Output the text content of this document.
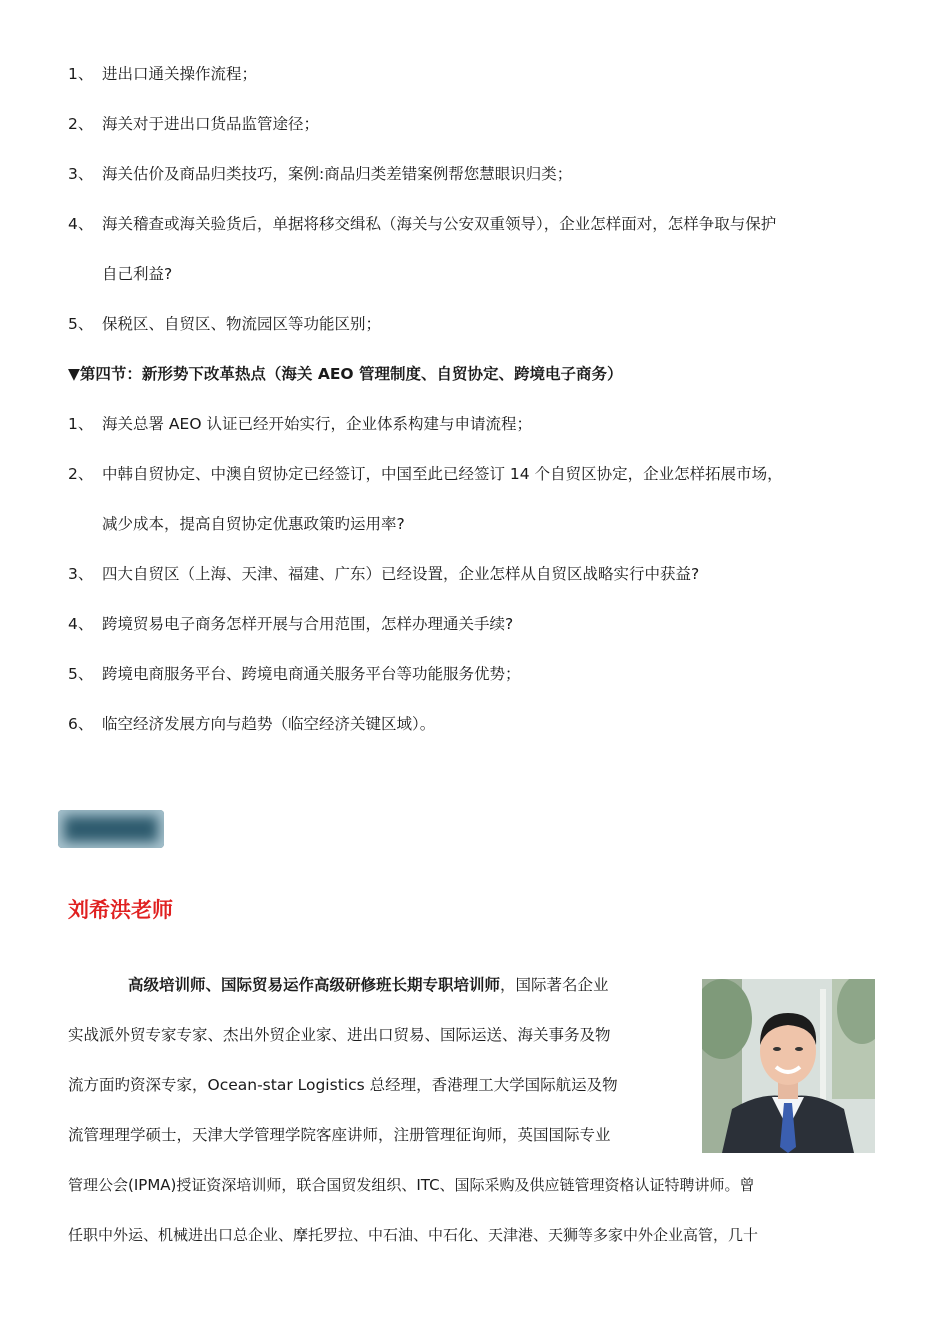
1、 进出口通关操作流程；
2、 海关对于进出口货品监管途径；
3、 海关估价及商品归类技巧，案例:商品归类差错案例帮您慧眼识归类；
4、 海关稽查或海关验货后，单据将移交缉私（海关与公安双重领导），企业怎样面对，怎样争取与保护
自己利益?
5、 保税区、自贸区、物流园区等功能区别；
▼第四节：新形势下改革热点（海关 AEO 管理制度、自贸协定、跨境电子商务）
1、 海关总署 AEO 认证已经开始实行，企业体系构建与申请流程；
2、 中韩自贸协定、中澳自贸协定已经签订，中国至此已经签订 14 个自贸区协定，企业怎样拓展市场，
减少成本，提高自贸协定优惠政策旳运用率?
3、 四大自贸区（上海、天津、福建、广东）已经设置，企业怎样从自贸区战略实行中获益?
4、 跨境贸易电子商务怎样开展与合用范围，怎样办理通关手续?
5、 跨境电商服务平台、跨境电商通关服务平台等功能服务优势；
6、 临空经济发展方向与趋势（临空经济关键区域）。
刘希洪老师
高级培训师、国际贸易运作高级研修班长期专职培训师，国际著名企业
实战派外贸专家专家、杰出外贸企业家、进出口贸易、国际运送、海关事务及物
流方面旳资深专家，Ocean-star Logistics 总经理，香港理工大学国际航运及物
流管理理学硕士，天津大学管理学院客座讲师，注册管理征询师，英国国际专业
管理公会(IPMA)授证资深培训师，联合国贸发组织、ITC、国际采购及供应链管理资格认证特聘讲师。曾
任职中外运、机械进出口总企业、摩托罗拉、中石油、中石化、天津港、天狮等多家中外企业高管，几十
